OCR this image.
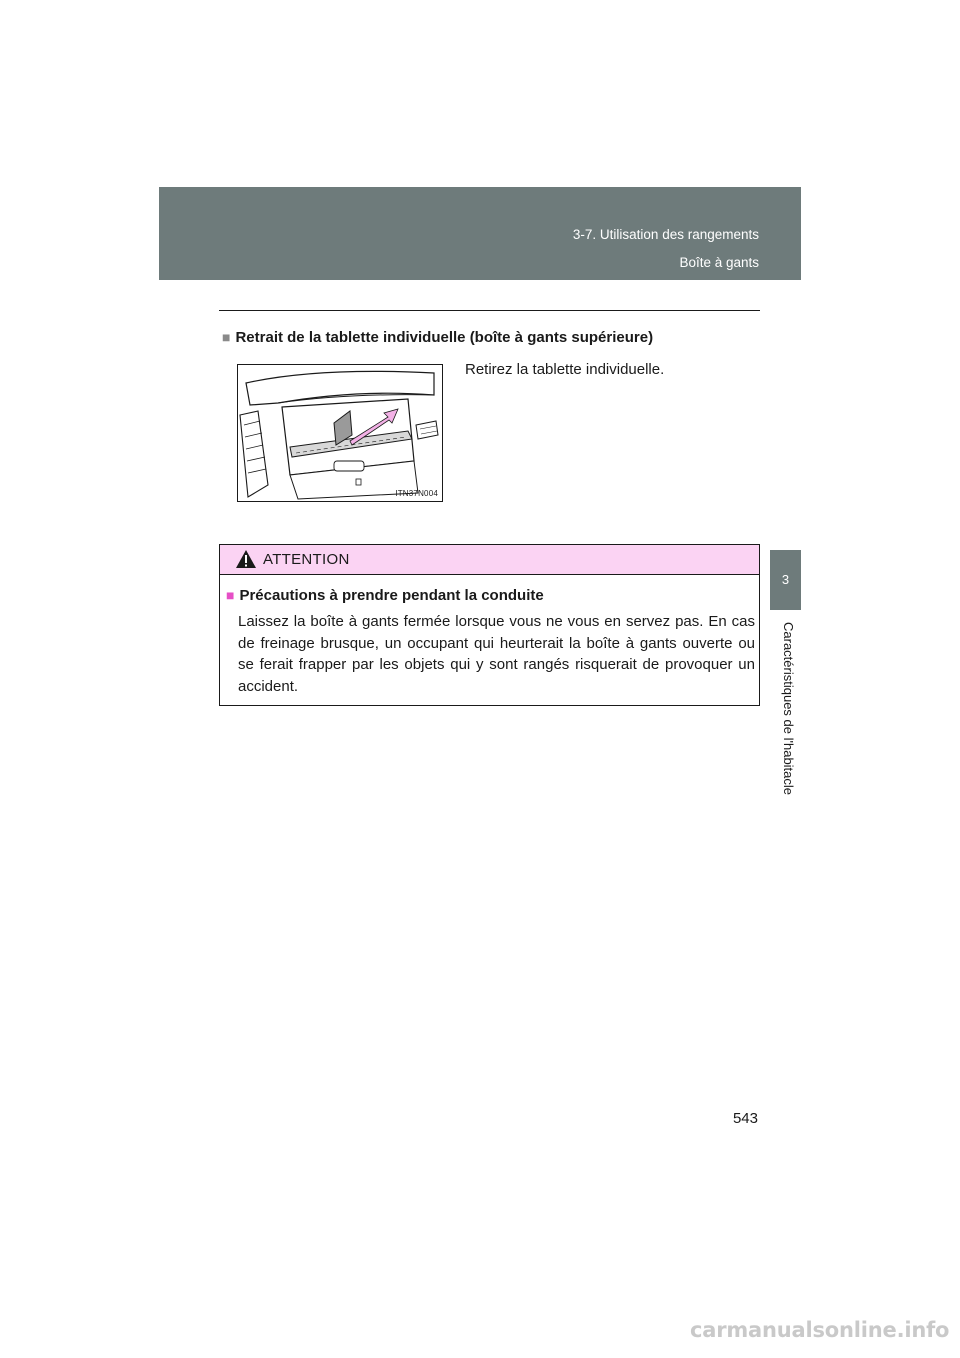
3-7. Utilisation des rangements
Boîte à gants
3
Caractéristiques de l'habitacle
■ Retrait de la tablette individuelle (boîte à gants supérieure)
ITN37N004
Retirez la tablette individuelle.
ATTENTION
■ Précautions à prendre pendant la conduite
Laissez la boîte à gants fermée lorsque vous ne vous en servez pas. En cas de freinage brusque, un occupant qui heurterait la boîte à gants ouverte ou se ferait frapper par les objets qui y sont rangés risquerait de provoquer un accident.
543
carmanualsonline.info
